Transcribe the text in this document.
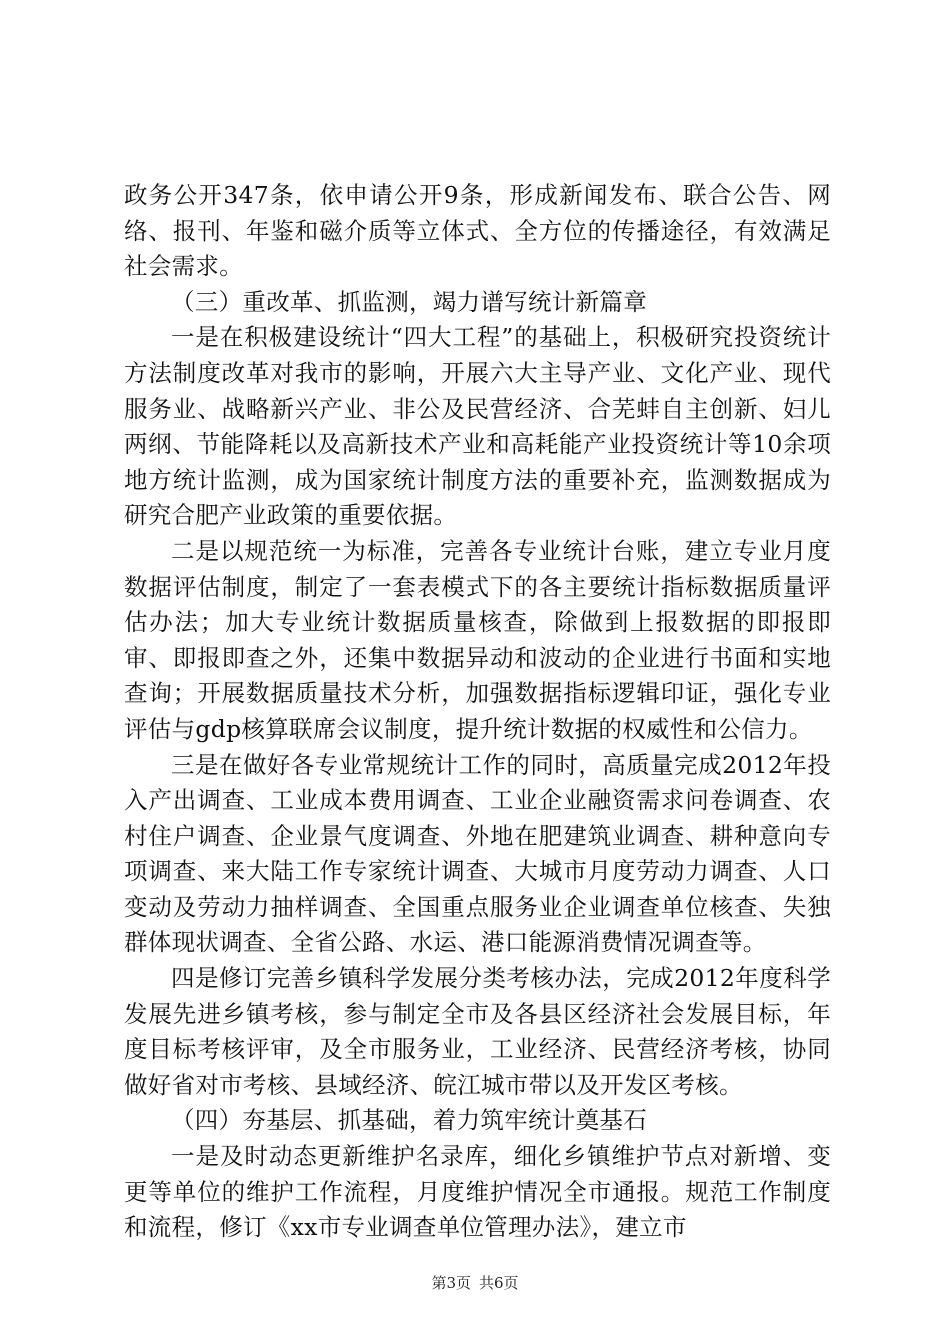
政务公开347条，依申请公开9条，形成新闻发布、联合公告、网络、报刊、年鉴和磁介质等立体式、全方位的传播途径，有效满足社会需求。

（三）重改革、抓监测，竭力谱写统计新篇章

一是在积极建设统计“四大工程”的基础上，积极研究投资统计方法制度改革对我市的影响，开展六大主导产业、文化产业、现代服务业、战略新兴产业、非公及民营经济、合芜蚌自主创新、妇儿两纲、节能降耗以及高新技术产业和高耗能产业投资统计等10余项地方统计监测，成为国家统计制度方法的重要补充，监测数据成为研究合肥产业政策的重要依据。

二是以规范统一为标准，完善各专业统计台账，建立专业月度数据评估制度，制定了一套表模式下的各主要统计指标数据质量评估办法；加大专业统计数据质量核查，除做到上报数据的即报即审、即报即查之外，还集中数据异动和波动的企业进行书面和实地查询；开展数据质量技术分析，加强数据指标逻辑印证，强化专业评估与gdp核算联席会议制度，提升统计数据的权威性和公信力。

三是在做好各专业常规统计工作的同时，高质量完成2012年投入产出调查、工业成本费用调查、工业企业融资需求问卷调查、农村住户调查、企业景气度调查、外地在肥建筑业调查、耕种意向专项调查、来大陆工作专家统计调查、大城市月度劳动力调查、人口变动及劳动力抽样调查、全国重点服务业企业调查单位核查、失独群体现状调查、全省公路、水运、港口能源消费情况调查等。

四是修订完善乡镇科学发展分类考核办法，完成2012年度科学发展先进乡镇考核，参与制定全市及各县区经济社会发展目标，年度目标考核评审，及全市服务业，工业经济、民营经济考核，协同做好省对市考核、县域经济、皖江城市带以及开发区考核。

（四）夯基层、抓基础，着力筑牢统计奠基石

一是及时动态更新维护名录库，细化乡镇维护节点对新增、变更等单位的维护工作流程，月度维护情况全市通报。规范工作制度和流程，修订《xx市专业调查单位管理办法》，建立市

第3页 共6页
